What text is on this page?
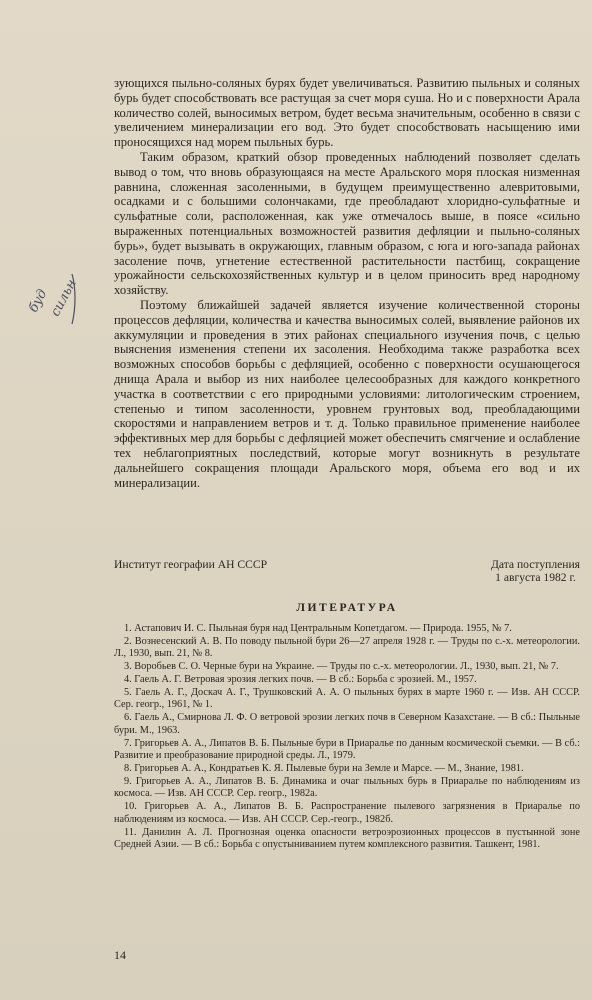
зующихся пыльно-соляных бурях будет увеличиваться. Развитию пыльных и соляных бурь будет способствовать все растущая за счет моря суша. Но и с поверхности Арала количество солей, выносимых ветром, будет весьма значительным, особенно в связи с увеличением минерализации его вод. Это будет способствовать насыщению ими проносящихся над морем пыльных бурь.

Таким образом, краткий обзор проведенных наблюдений позволяет сделать вывод о том, что вновь образующаяся на месте Аральского моря плоская низменная равнина, сложенная засоленными, в будущем преимущественно алевритовыми, осадками и с большими солончаками, где преобладают хлоридно-сульфатные и сульфатные соли, расположенная, как уже отмечалось выше, в поясе «сильно выраженных потенциальных возможностей развития дефляции и пыльно-соляных бурь», будет вызывать в окружающих, главным образом, с юга и юго-запада районах засоление почв, угнетение естественной растительности пастбищ, сокращение урожайности сельскохозяйственных культур и в целом приносить вред народному хозяйству.

Поэтому ближайшей задачей является изучение количественной стороны процессов дефляции, количества и качества выносимых солей, выявление районов их аккумуляции и проведения в этих районах специального изучения почв, с целью выяснения изменения степени их засоления. Необходима также разработка всех возможных способов борьбы с дефляцией, особенно с поверхности осушающегося днища Арала и выбор из них наиболее целесообразных для каждого конкретного участка в соответствии с его природными условиями: литологическим строением, степенью и типом засоленности, уровнем грунтовых вод, преобладающими скоростями и направлением ветров и т. д. Только правильное применение наиболее эффективных мер для борьбы с дефляцией может обеспечить смягчение и ослабление тех неблагоприятных последствий, которые могут возникнуть в результате дальнейшего сокращения площади Аральского моря, объема его вод и их минерализации.

буд
сильн
Институт географии АН СССР	Дата поступления
1 августа 1982 г.
ЛИТЕРАТУРА

1. Астапович И. С. Пыльная буря над Центральным Копетдагом. — Природа. 1955, № 7.

2. Вознесенский А. В. По поводу пыльной бури 26—27 апреля 1928 г. — Труды по с.-х. метеорологии. Л., 1930, вып. 21, № 8.

3. Воробьев С. О. Черные бури на Украине. — Труды по с.-х. метеорологии. Л., 1930, вып. 21, № 7.

4. Гаель А. Г. Ветровая эрозия легких почв. — В сб.: Борьба с эрозией. М., 1957.

5. Гаель А. Г., Доскач А. Г., Трушковский А. А. О пыльных бурях в марте 1960 г. — Изв. АН СССР. Сер. геогр., 1961, № 1.

6. Гаель А., Смирнова Л. Ф. О ветровой эрозии легких почв в Северном Казахстане. — В сб.: Пыльные бури. М., 1963.

7. Григорьев А. А., Липатов В. Б. Пыльные бури в Приаралье по данным космической съемки. — В сб.: Развитие и преобразование природной среды. Л., 1979.

8. Григорьев А. А., Кондратьев К. Я. Пылевые бури на Земле и Марсе. — М., Знание, 1981.

9. Григорьев А. А., Липатов В. Б. Динамика и очаг пыльных бурь в Приаралье по наблюдениям из космоса. — Изв. АН СССР. Сер. геогр., 1982а.

10. Григорьев А. А., Липатов В. Б. Распространение пылевого загрязнения в Приаралье по наблюдениям из космоса. — Изв. АН СССР. Сер.-геогр., 1982б.

11. Данилин А. Л. Прогнозная оценка опасности ветроэрозионных процессов в пустынной зоне Средней Азии. — В сб.: Борьба с опустыниванием путем комплексного развития. Ташкент, 1981.

14
